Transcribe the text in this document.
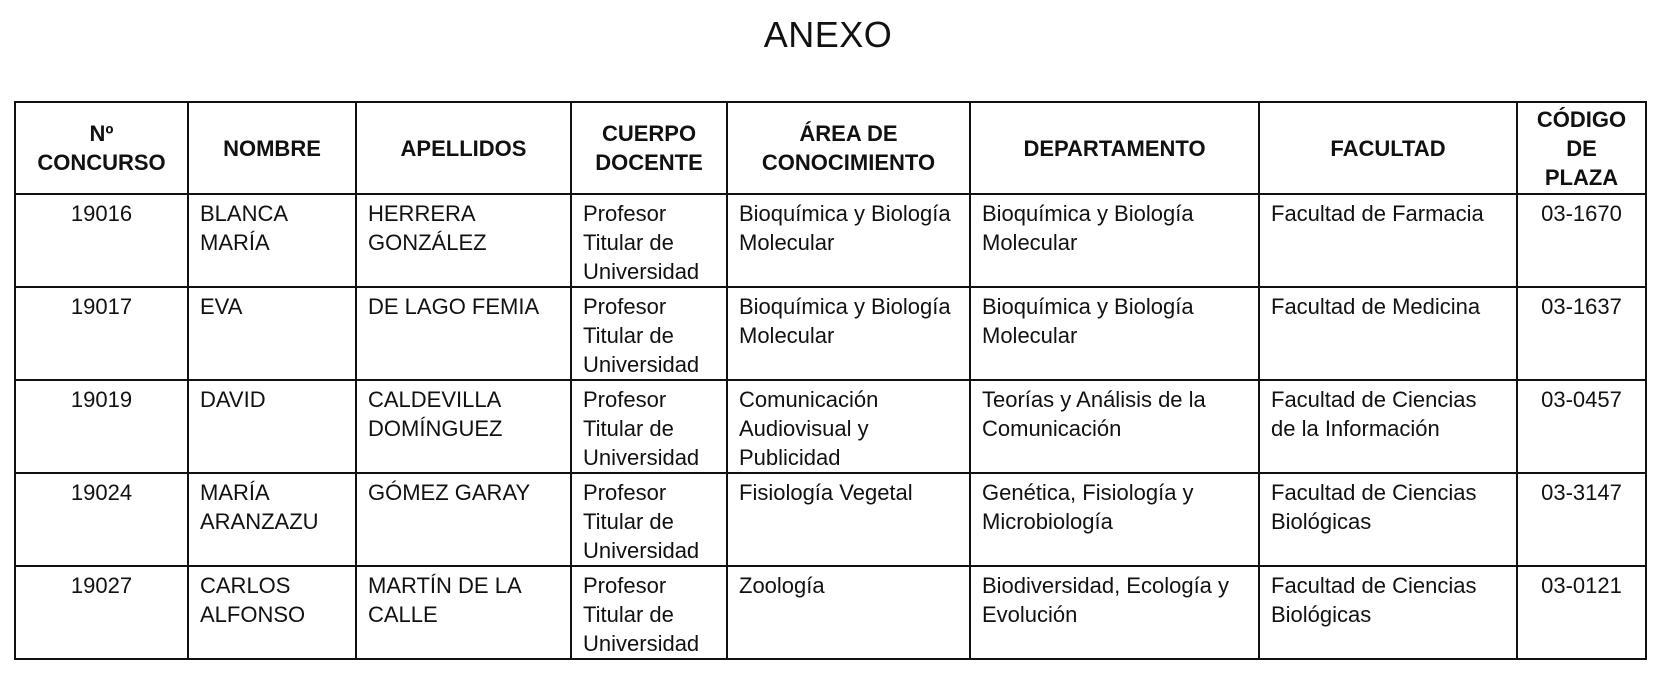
ANEXO
Nº CONCURSO	NOMBRE	APELLIDOS	CUERPO DOCENTE	ÁREA DE CONOCIMIENTO	DEPARTAMENTO	FACULTAD	CÓDIGO DE PLAZA
19016	BLANCA MARÍA	HERRERA GONZÁLEZ	Profesor Titular de Universidad	Bioquímica y Biología Molecular	Bioquímica y Biología Molecular	Facultad de Farmacia	03-1670
19017	EVA	DE LAGO FEMIA	Profesor Titular de Universidad	Bioquímica y Biología Molecular	Bioquímica y Biología Molecular	Facultad de Medicina	03-1637
19019	DAVID	CALDEVILLA DOMÍNGUEZ	Profesor Titular de Universidad	Comunicación Audiovisual y Publicidad	Teorías y Análisis de la Comunicación	Facultad de Ciencias de la Información	03-0457
19024	MARÍA ARANZAZU	GÓMEZ GARAY	Profesor Titular de Universidad	Fisiología Vegetal	Genética, Fisiología y Microbiología	Facultad de Ciencias Biológicas	03-3147
19027	CARLOS ALFONSO	MARTÍN DE LA CALLE	Profesor Titular de Universidad	Zoología	Biodiversidad, Ecología y Evolución	Facultad de Ciencias Biológicas	03-0121
